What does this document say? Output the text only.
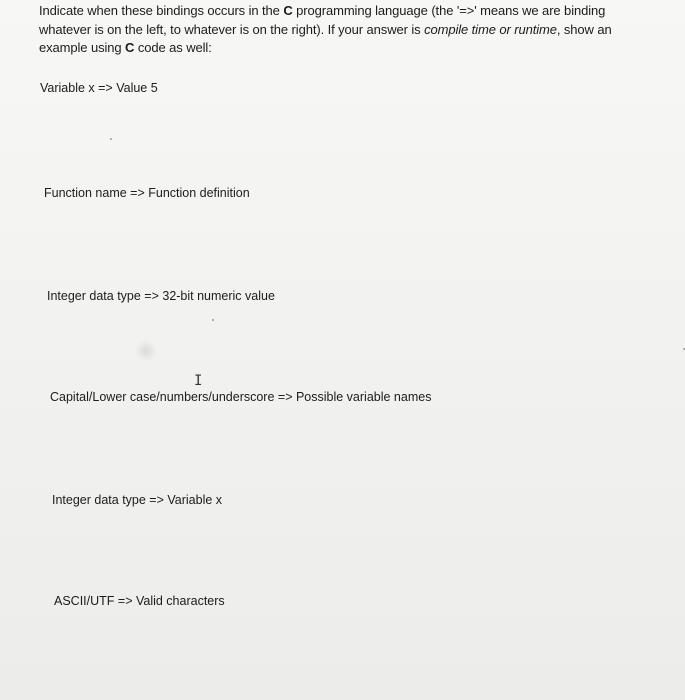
Indicate when these bindings occurs in the C programming language (the '=>' means we are binding whatever is on the left, to whatever is on the right). If your answer is compile time or runtime, show an example using C code as well:
Variable x => Value 5
Function name => Function definition
Integer data type => 32-bit numeric value
Capital/Lower case/numbers/underscore => Possible variable names
Integer data type => Variable x
ASCII/UTF => Valid characters
I
